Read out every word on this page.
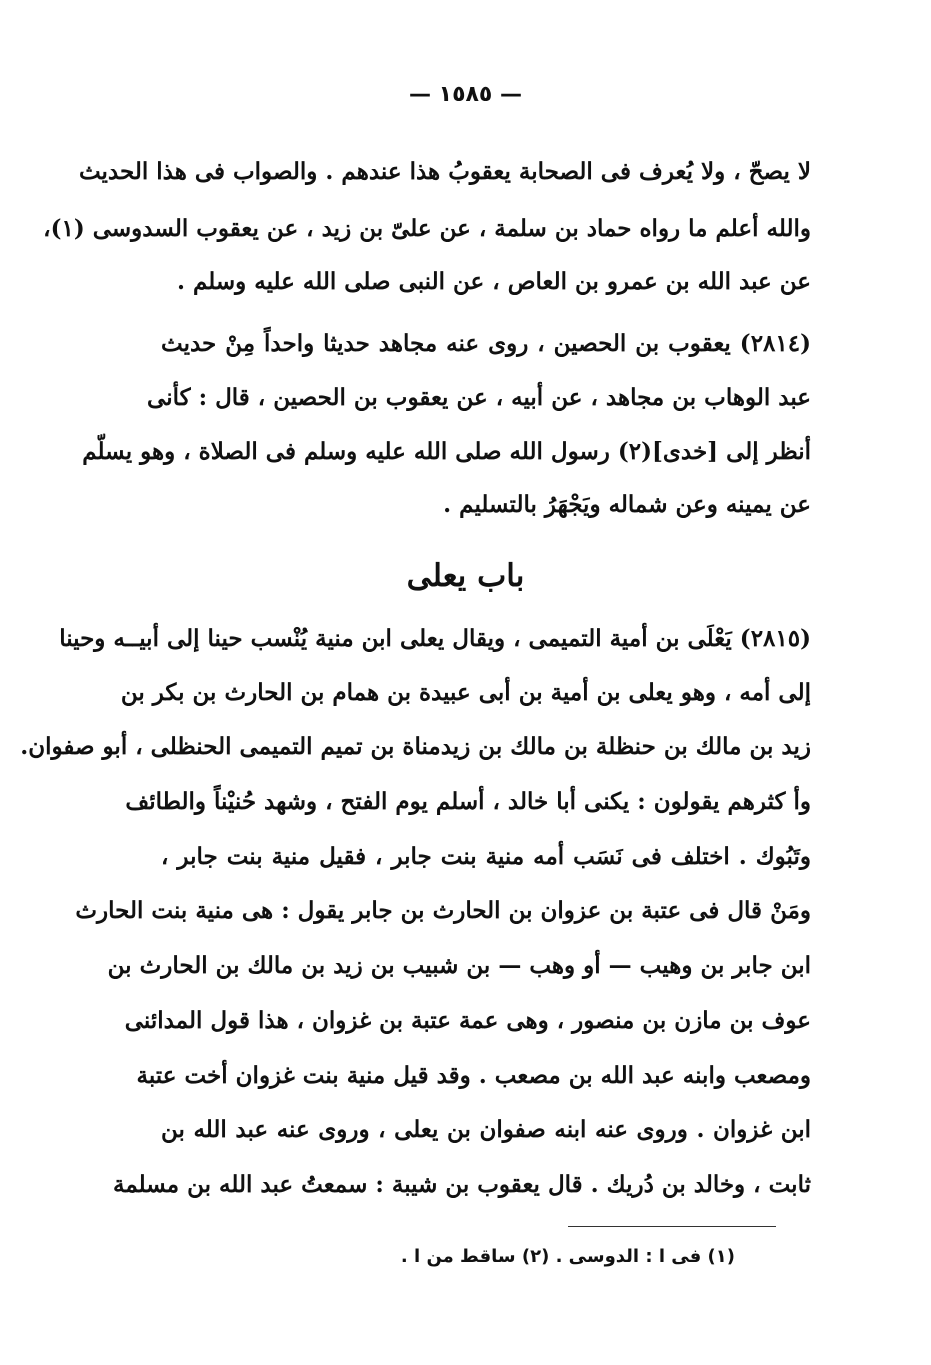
— ١٥٨٥ —
لا يصحّ ، ولا يُعرف فى الصحابة يعقوبُ هذا عندهم . والصواب فى هذا الحديث
والله أعلم ما رواه حماد بن سلمة ، عن علىّ بن زيد ، عن يعقوب السدوسى (١)،
عن عبد الله بن عمرو بن العاص ، عن النبى صلى الله عليه وسلم .
(٢٨١٤) يعقوب بن الحصين ، روى عنه مجاهد حديثا واحداً مِنْ حديث
عبد الوهاب بن مجاهد ، عن أبيه ، عن يعقوب بن الحصين ، قال : كأنى
أنظر إلى [خدى](٢) رسول الله صلى الله عليه وسلم فى الصلاة ، وهو يسلّم
عن يمينه وعن شماله ويَجْهَرُ بالتسليم .
باب يعلى
(٢٨١٥) يَعْلَى بن أمية التميمى ، ويقال يعلى ابن منية يُنْسب حينا إلى أبيــه وحينا
إلى أمه ، وهو يعلى بن أمية بن أبى عبيدة بن همام بن الحارث بن بكر بن
زيد بن مالك بن حنظلة بن مالك بن زيدمناة بن تميم التميمى الحنظلى ، أبو صفوان.
وأ كثرهم يقولون : يكنى أبا خالد ، أسلم يوم الفتح ، وشهد حُنيْناً والطائف
وتَبُوك . اختلف فى نَسَب أمه منية بنت جابر ، فقيل منية بنت جابر ،
ومَنْ قال فى عتبة بن عزوان بن الحارث بن جابر يقول : هى منية بنت الحارث
ابن جابر بن وهيب — أو وهب — بن شبيب بن زيد بن مالك بن الحارث بن
عوف بن مازن بن منصور ، وهى عمة عتبة بن غزوان ، هذا قول المدائنى
ومصعب وابنه عبد الله بن مصعب . وقد قيل منية بنت غزوان أخت عتبة
ابن غزوان . وروى عنه ابنه صفوان بن يعلى ، وروى عنه عبد الله بن
ثابت ، وخالد بن دُريك . قال يعقوب بن شيبة : سمعتُ عبد الله بن مسلمة
(١) فى ا : الدوسى . (٢) ساقط من ا .
